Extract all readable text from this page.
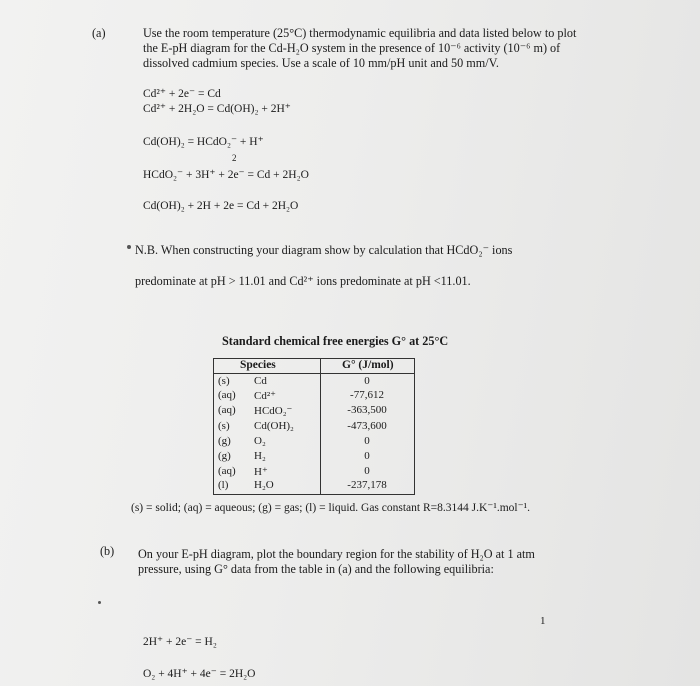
(a)	Use the room temperature (25°C) thermodynamic equilibria and data listed below to plot
the E-pH diagram for the Cd-H₂O system in the presence of 10⁻⁶ activity (10⁻⁶ m) of
dissolved cadmium species. Use a scale of 10 mm/pH unit and 50 mm/V.
Cd²⁺ + 2e⁻ = Cd
Cd²⁺ + 2H₂O = Cd(OH)₂ + 2H⁺
Cd(OH)₂ = HCdO₂⁻ + H⁺
2
HCdO₂⁻ + 3H⁺ + 2e⁻ = Cd + 2H₂O
Cd(OH)₂ + 2H + 2e = Cd + 2H₂O
N.B. When constructing your diagram show by calculation that HCdO₂⁻ ions
predominate at pH > 11.01 and Cd²⁺ ions predominate at pH <11.01.
Standard chemical free energies G° at 25°C
Species	G° (J/mol)
(s) Cd	0
(aq) Cd²⁺	-77,612
(aq) HCdO₂⁻	-363,500
(s) Cd(OH)₂	-473,600
(g) O₂	0
(g) H₂	0
(aq) H⁺	0
(l) H₂O	-237,178
(s) = solid; (aq) = aqueous; (g) = gas; (l) = liquid. Gas constant R=8.3144 J.K⁻¹.mol⁻¹.
(b) On your E-pH diagram, plot the boundary region for the stability of H₂O at 1 atm
pressure, using G° data from the table in (a) and the following equilibria:
1
2H⁺ + 2e⁻ = H₂
O₂ + 4H⁺ + 4e⁻ = 2H₂O
